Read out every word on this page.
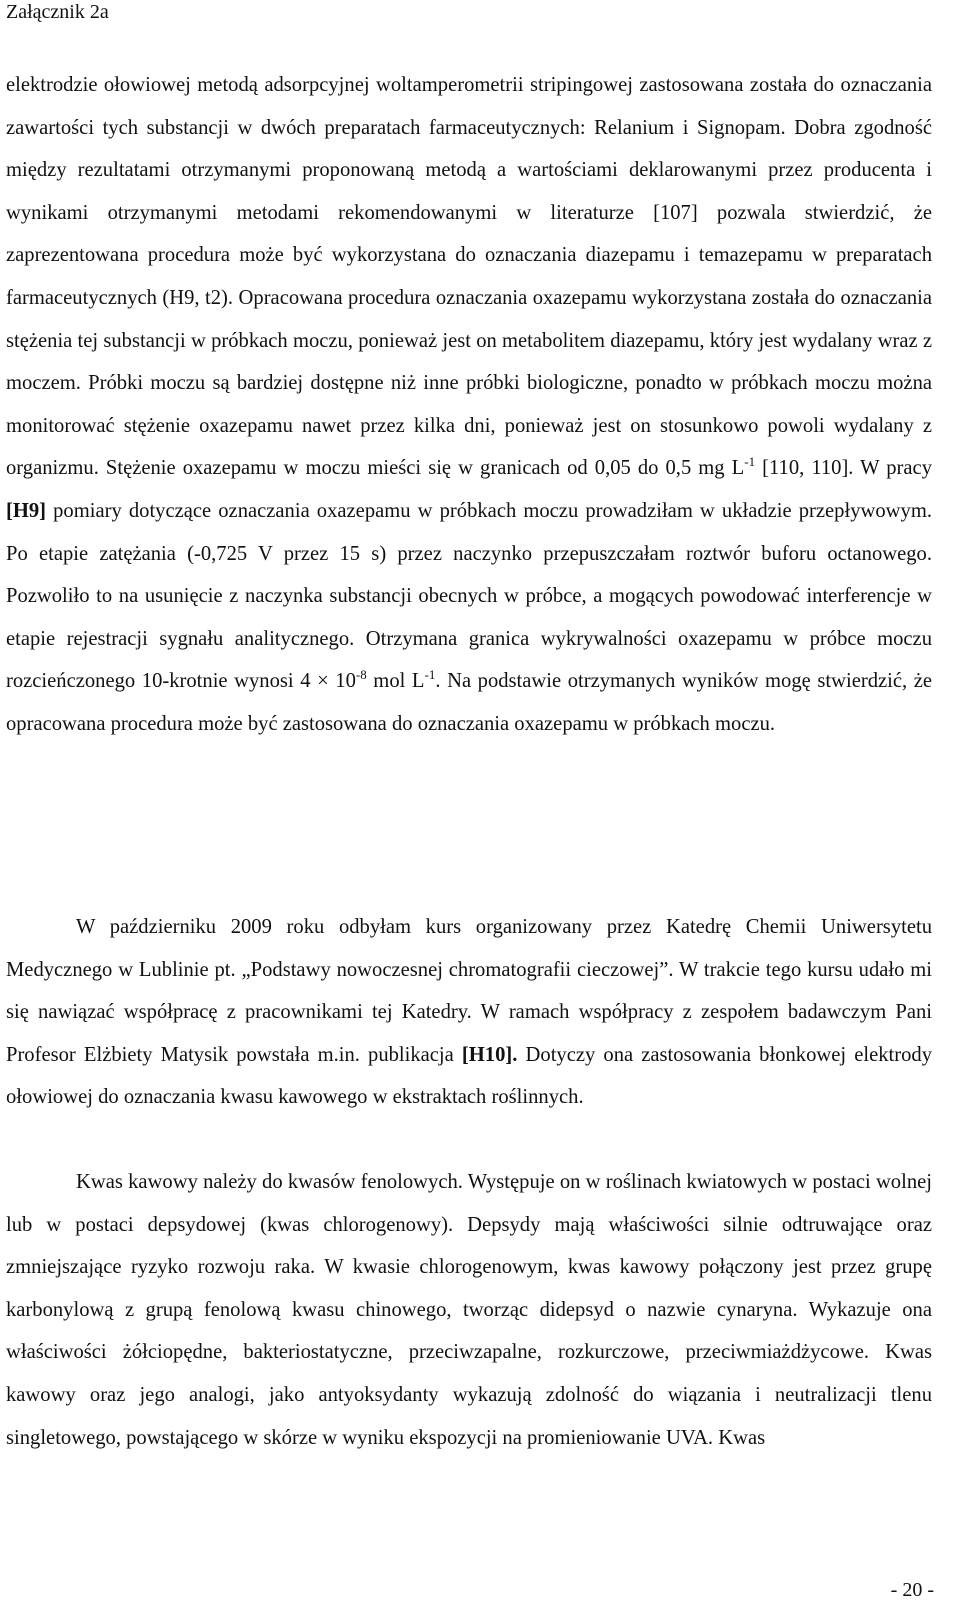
Załącznik 2a

elektrodzie ołowiowej metodą adsorpcyjnej woltamperometrii stripingowej zastosowana została do oznaczania zawartości tych substancji w dwóch preparatach farmaceutycznych: Relanium i Signopam. Dobra zgodność między rezultatami otrzymanymi proponowaną metodą a wartościami deklarowanymi przez producenta i wynikami otrzymanymi metodami rekomendowanymi w literaturze [107] pozwala stwierdzić, że zaprezentowana procedura może być wykorzystana do oznaczania diazepamu i temazepamu w preparatach farmaceutycznych (H9, t2). Opracowana procedura oznaczania oxazepamu wykorzystana została do oznaczania stężenia tej substancji w próbkach moczu, ponieważ jest on metabolitem diazepamu, który jest wydalany wraz z moczem. Próbki moczu są bardziej dostępne niż inne próbki biologiczne, ponadto w próbkach moczu można monitorować stężenie oxazepamu nawet przez kilka dni, ponieważ jest on stosunkowo powoli wydalany z organizmu. Stężenie oxazepamu w moczu mieści się w granicach od 0,05 do 0,5 mg $L^{-1}$ [110, 110]. W pracy [H9] pomiary dotyczące oznaczania oxazepamu w próbkach moczu prowadziłam w układzie przepływowym. Po etapie zatężania (-0,725 V przez 15 s) przez naczynko przepuszczałam roztwór buforu octanowego. Pozwoliło to na usunięcie z naczynka substancji obecnych w próbce, a mogących powodować interferencje w etapie rejestracji sygnału analitycznego. Otrzymana granica wykrywalności oxazepamu w próbce moczu rozcieńczonego 10-krotnie wynosi $4 \times 10^{-8}$ mol $L^{-1}$. Na podstawie otrzymanych wyników mogę stwierdzić, że opracowana procedura może być zastosowana do oznaczania oxazepamu w próbkach moczu.

W październiku 2009 roku odbyłam kurs organizowany przez Katedrę Chemii Uniwersytetu Medycznego w Lublinie pt. „Podstawy nowoczesnej chromatografii cieczowej”. W trakcie tego kursu udało mi się nawiązać współpracę z pracownikami tej Katedry. W ramach współpracy z zespołem badawczym Pani Profesor Elżbiety Matysik powstała m.in. publikacja [H10]. Dotyczy ona zastosowania błonkowej elektrody ołowiowej do oznaczania kwasu kawowego w ekstraktach roślinnych.

Kwas kawowy należy do kwasów fenolowych. Występuje on w roślinach kwiatowych w postaci wolnej lub w postaci depsydowej (kwas chlorogenowy). Depsydy mają właściwości silnie odtruwające oraz zmniejszające ryzyko rozwoju raka. W kwasie chlorogenowym, kwas kawowy połączony jest przez grupę karbonylową z grupą fenolową kwasu chinowego, tworząc didepsyd o nazwie cynaryna. Wykazuje ona właściwości żółciopędne, bakteriostatyczne, przeciwzapalne, rozkurczowe, przeciwmiażdżycowe. Kwas kawowy oraz jego analogi, jako antyoksydanty wykazują zdolność do wiązania i neutralizacji tlenu singletowego, powstającego w skórze w wyniku ekspozycji na promieniowanie UVA. Kwas

- 20 -
